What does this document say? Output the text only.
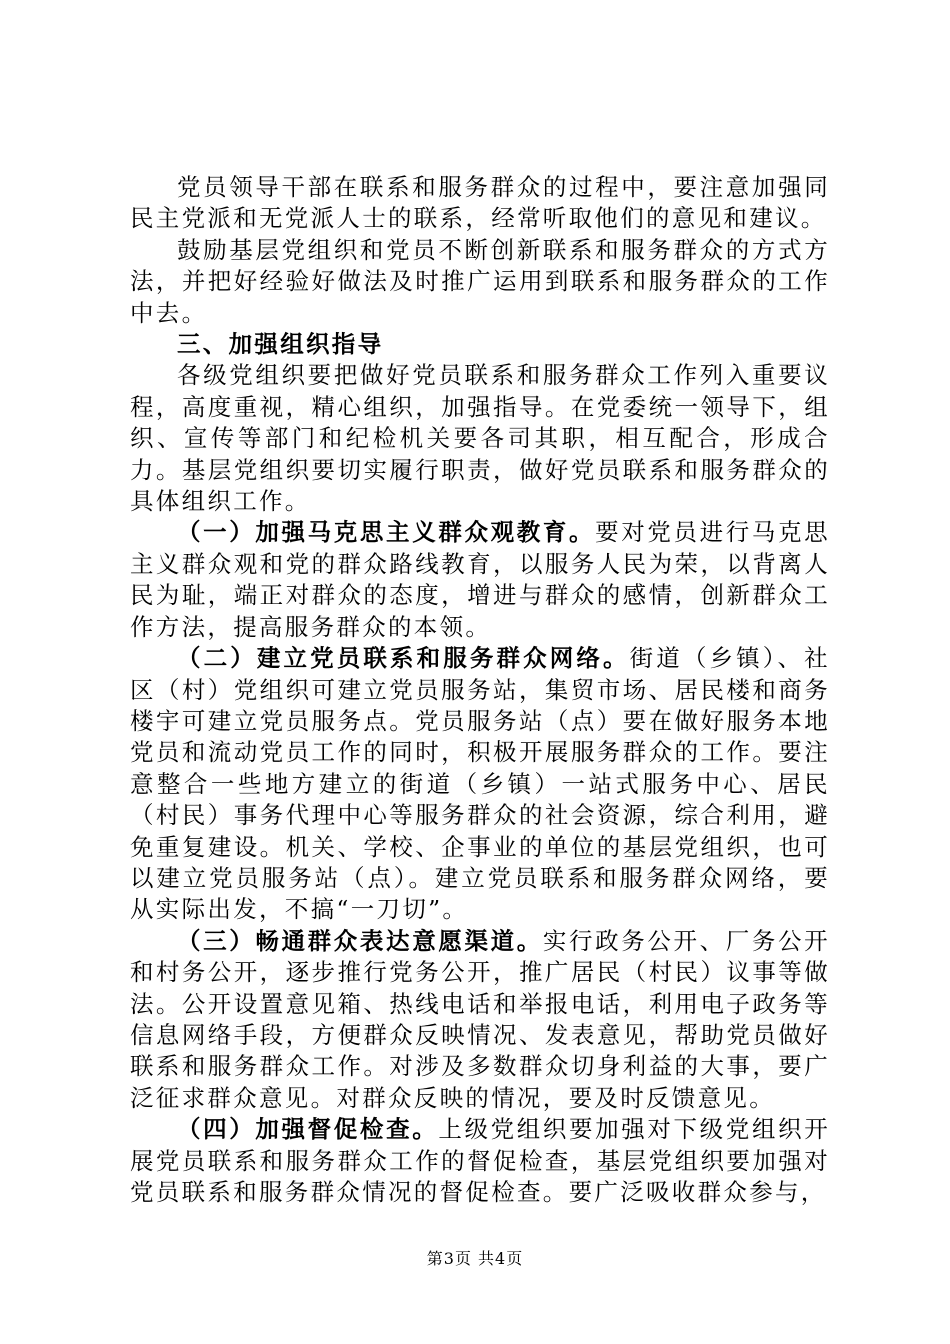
党员领导干部在联系和服务群众的过程中，要注意加强同民主党派和无党派人士的联系，经常听取他们的意见和建议。

鼓励基层党组织和党员不断创新联系和服务群众的方式方法，并把好经验好做法及时推广运用到联系和服务群众的工作中去。

三、加强组织指导

各级党组织要把做好党员联系和服务群众工作列入重要议程，高度重视，精心组织，加强指导。在党委统一领导下，组织、宣传等部门和纪检机关要各司其职，相互配合，形成合力。基层党组织要切实履行职责，做好党员联系和服务群众的具体组织工作。

（一）加强马克思主义群众观教育。要对党员进行马克思主义群众观和党的群众路线教育，以服务人民为荣，以背离人民为耻，端正对群众的态度，增进与群众的感情，创新群众工作方法，提高服务群众的本领。

（二）建立党员联系和服务群众网络。街道（乡镇）、社区（村）党组织可建立党员服务站，集贸市场、居民楼和商务楼宇可建立党员服务点。党员服务站（点）要在做好服务本地党员和流动党员工作的同时，积极开展服务群众的工作。要注意整合一些地方建立的街道（乡镇）一站式服务中心、居民（村民）事务代理中心等服务群众的社会资源，综合利用，避免重复建设。机关、学校、企事业的单位的基层党组织，也可以建立党员服务站（点）。建立党员联系和服务群众网络，要从实际出发，不搞“一刀切”。

（三）畅通群众表达意愿渠道。实行政务公开、厂务公开和村务公开，逐步推行党务公开，推广居民（村民）议事等做法。公开设置意见箱、热线电话和举报电话，利用电子政务等信息网络手段，方便群众反映情况、发表意见，帮助党员做好联系和服务群众工作。对涉及多数群众切身利益的大事，要广泛征求群众意见。对群众反映的情况，要及时反馈意见。

（四）加强督促检查。上级党组织要加强对下级党组织开展党员联系和服务群众工作的督促检查，基层党组织要加强对党员联系和服务群众情况的督促检查。要广泛吸收群众参与，

第3页 共4页
